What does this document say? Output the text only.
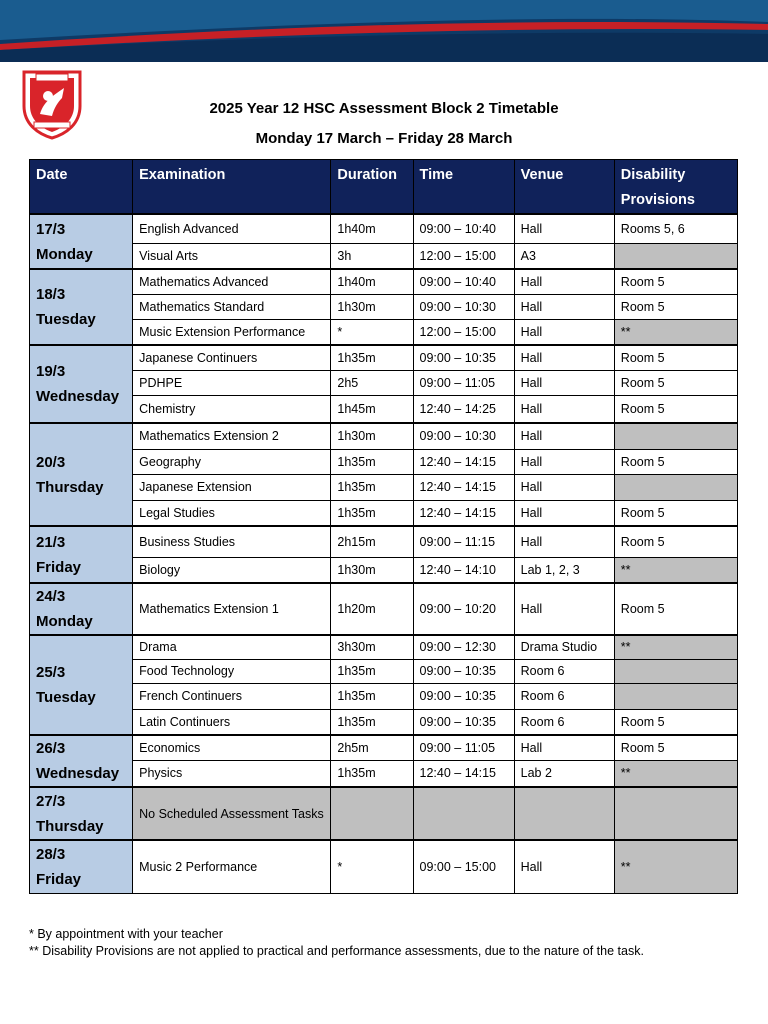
2025 Year 12 HSC Assessment Block 2 Timetable
Monday 17 March – Friday 28 March
Date	Examination	Duration	Time	Venue	Disability
Provisions

17/3
Monday	English Advanced	1h40m	09:00 – 10:40	Hall	Rooms 5, 6
	Visual Arts	3h	12:00 – 15:00	A3	

18/3
Tuesday	Mathematics Advanced	1h40m	09:00 – 10:40	Hall	Room 5
	Mathematics Standard	1h30m	09:00 – 10:30	Hall	Room 5
	Music Extension Performance	*	12:00 – 15:00	Hall	**

19/3
Wednesday	Japanese Continuers	1h35m	09:00 – 10:35	Hall	Room 5
	PDHPE	2h5	09:00 – 11:05	Hall	Room 5
	Chemistry	1h45m	12:40 – 14:25	Hall	Room 5

20/3
Thursday	Mathematics Extension 2	1h30m	09:00 – 10:30	Hall	
	Geography	1h35m	12:40 – 14:15	Hall	Room 5
	Japanese Extension	1h35m	12:40 – 14:15	Hall	
	Legal Studies	1h35m	12:40 – 14:15	Hall	Room 5

21/3
Friday	Business Studies	2h15m	09:00 – 11:15	Hall	Room 5
	Biology	1h30m	12:40 – 14:10	Lab 1, 2, 3	**

24/3
Monday	Mathematics Extension 1	1h20m	09:00 – 10:20	Hall	Room 5

25/3
Tuesday	Drama	3h30m	09:00 – 12:30	Drama Studio	**
	Food Technology	1h35m	09:00 – 10:35	Room 6	
	French Continuers	1h35m	09:00 – 10:35	Room 6	
	Latin Continuers	1h35m	09:00 – 10:35	Room 6	Room 5

26/3
Wednesday	Economics	2h5m	09:00 – 11:05	Hall	Room 5
	Physics	1h35m	12:40 – 14:15	Lab 2	**

27/3
Thursday	No Scheduled Assessment Tasks				

28/3
Friday	Music 2 Performance	*	09:00 – 15:00	Hall	**
* By appointment with your teacher
** Disability Provisions are not applied to practical and performance assessments, due to the nature of the task.
